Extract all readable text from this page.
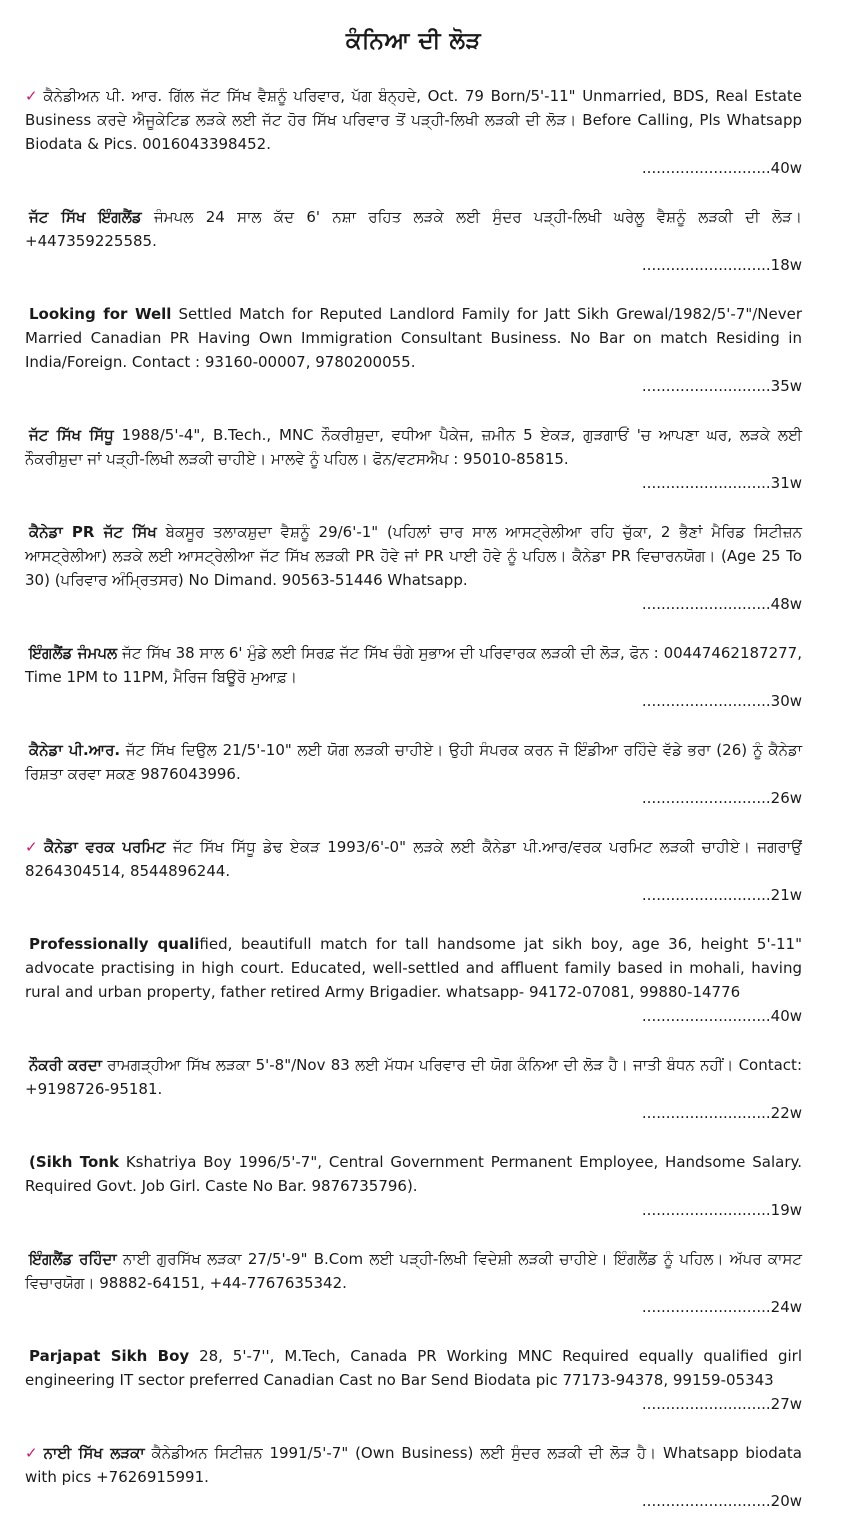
ਕੰਨਿਆ ਦੀ ਲੋੜ
✓ ਕੈਨੇਡੀਅਨ ਪੀ. ਆਰ. ਗਿੱਲ ਜੱਟ ਸਿੱਖ ਵੈਸ਼ਨੂੰ ਪਰਿਵਾਰ, ਪੱਗ ਬੰਨ੍ਹਦੇ, Oct. 79 Born/5'-11" Unmarried, BDS, Real Estate Business ਕਰਦੇ ਐਜੂਕੇਟਿਡ ਲੜਕੇ ਲਈ ਜੱਟ ਹੋਰ ਸਿੱਖ ਪਰਿਵਾਰ ਤੋਂ ਪੜ੍ਹੀ-ਲਿਖੀ ਲੜਕੀ ਦੀ ਲੋੜ। Before Calling, Pls Whatsapp Biodata & Pics. 0016043398452.
...........................40w
ਜੱਟ ਸਿੱਖ ਇੰਗਲੈਂਡ ਜੰਮਪਲ 24 ਸਾਲ ਕੱਦ 6' ਨਸ਼ਾ ਰਹਿਤ ਲੜਕੇ ਲਈ ਸੁੰਦਰ ਪੜ੍ਹੀ-ਲਿਖੀ ਘਰੇਲੂ ਵੈਸ਼ਨੂੰ ਲੜਕੀ ਦੀ ਲੋੜ। +447359225585.
...........................18w
Looking for Well Settled Match for Reputed Landlord Family for Jatt Sikh Grewal/1982/5'-7"/Never Married Canadian PR Having Own Immigration Consultant Business. No Bar on match Residing in India/Foreign. Contact : 93160-00007, 9780200055.
...........................35w
ਜੱਟ ਸਿੱਖ ਸਿੱਧੂ 1988/5'-4", B.Tech., MNC ਨੌਕਰੀਸ਼ੁਦਾ, ਵਧੀਆ ਪੈਕੇਜ, ਜ਼ਮੀਨ 5 ਏਕੜ, ਗੁੜਗਾਓਂ 'ਚ ਆਪਣਾ ਘਰ, ਲੜਕੇ ਲਈ ਨੌਕਰੀਸ਼ੁਦਾ ਜਾਂ ਪੜ੍ਹੀ-ਲਿਖੀ ਲੜਕੀ ਚਾਹੀਏ। ਮਾਲਵੇ ਨੂੰ ਪਹਿਲ। ਫੋਨ/ਵਟਸਐਪ : 95010-85815.
...........................31w
ਕੈਨੇਡਾ PR ਜੱਟ ਸਿੱਖ ਬੇਕਸੂਰ ਤਲਾਕਸ਼ੁਦਾ ਵੈਸ਼ਨੂੰ 29/6'-1" (ਪਹਿਲਾਂ ਚਾਰ ਸਾਲ ਆਸਟ੍ਰੇਲੀਆ ਰਹਿ ਚੁੱਕਾ, 2 ਭੈਣਾਂ ਮੈਰਿਡ ਸਿਟੀਜ਼ਨ ਆਸਟ੍ਰੇਲੀਆ) ਲੜਕੇ ਲਈ ਆਸਟ੍ਰੇਲੀਆ ਜੱਟ ਸਿੱਖ ਲੜਕੀ PR ਹੋਵੇ ਜਾਂ PR ਪਾਈ ਹੋਵੇ ਨੂੰ ਪਹਿਲ। ਕੈਨੇਡਾ PR ਵਿਚਾਰਨਯੋਗ। (Age 25 To 30) (ਪਰਿਵਾਰ ਅੰਮ੍ਰਿਤਸਰ) No Dimand. 90563-51446 Whatsapp.
...........................48w
ਇੰਗਲੈਂਡ ਜੰਮਪਲ ਜੱਟ ਸਿੱਖ 38 ਸਾਲ 6' ਮੁੰਡੇ ਲਈ ਸਿਰਫ਼ ਜੱਟ ਸਿੱਖ ਚੰਗੇ ਸੁਭਾਅ ਦੀ ਪਰਿਵਾਰਕ ਲੜਕੀ ਦੀ ਲੋੜ, ਫੋਨ : 00447462187277, Time 1PM to 11PM, ਮੈਰਿਜ ਬਿਊਰੋ ਮੁਆਫ਼।
...........................30w
ਕੈਨੇਡਾ ਪੀ.ਆਰ. ਜੱਟ ਸਿੱਖ ਦਿਉਲ 21/5'-10" ਲਈ ਯੋਗ ਲੜਕੀ ਚਾਹੀਏ। ਉਹੀ ਸੰਪਰਕ ਕਰਨ ਜੋ ਇੰਡੀਆ ਰਹਿੰਦੇ ਵੱਡੇ ਭਰਾ (26) ਨੂੰ ਕੈਨੇਡਾ ਰਿਸ਼ਤਾ ਕਰਵਾ ਸਕਣ 9876043996.
...........................26w
✓ ਕੈਨੇਡਾ ਵਰਕ ਪਰਮਿਟ ਜੱਟ ਸਿੱਖ ਸਿੱਧੂ ਡੇਢ ਏਕੜ 1993/6'-0" ਲੜਕੇ ਲਈ ਕੈਨੇਡਾ ਪੀ.ਆਰ/ਵਰਕ ਪਰਮਿਟ ਲੜਕੀ ਚਾਹੀਏ। ਜਗਰਾਉਂ 8264304514, 8544896244.
...........................21w
Professionally qualified, beautifull match for tall handsome jat sikh boy, age 36, height 5'-11" advocate practising in high court. Educated, well-settled and affluent family based in mohali, having rural and urban property, father retired Army Brigadier. whatsapp- 94172-07081, 99880-14776
...........................40w
ਨੌਕਰੀ ਕਰਦਾ ਰਾਮਗੜ੍ਹੀਆ ਸਿੱਖ ਲੜਕਾ 5'-8"/Nov 83 ਲਈ ਮੱਧਮ ਪਰਿਵਾਰ ਦੀ ਯੋਗ ਕੰਨਿਆ ਦੀ ਲੋੜ ਹੈ। ਜਾਤੀ ਬੰਧਨ ਨਹੀਂ। Contact: +9198726-95181.
...........................22w
(Sikh Tonk Kshatriya Boy 1996/5'-7", Central Government Permanent Employee, Handsome Salary. Required Govt. Job Girl. Caste No Bar. 9876735796).
...........................19w
ਇੰਗਲੈਂਡ ਰਹਿੰਦਾ ਨਾਈ ਗੁਰਸਿੱਖ ਲੜਕਾ 27/5'-9" B.Com ਲਈ ਪੜ੍ਹੀ-ਲਿਖੀ ਵਿਦੇਸ਼ੀ ਲੜਕੀ ਚਾਹੀਏ। ਇੰਗਲੈਂਡ ਨੂੰ ਪਹਿਲ। ਅੱਪਰ ਕਾਸਟ ਵਿਚਾਰਯੋਗ। 98882-64151, +44-7767635342.
...........................24w
Parjapat Sikh Boy 28, 5'-7'', M.Tech, Canada PR Working MNC Required equally qualified girl engineering IT sector preferred Canadian Cast no Bar Send Biodata pic 77173-94378, 99159-05343
...........................27w
✓ ਨਾਈ ਸਿੱਖ ਲੜਕਾ ਕੈਨੇਡੀਅਨ ਸਿਟੀਜ਼ਨ 1991/5'-7" (Own Business) ਲਈ ਸੁੰਦਰ ਲੜਕੀ ਦੀ ਲੋੜ ਹੈ। Whatsapp biodata with pics +7626915991.
...........................20w
